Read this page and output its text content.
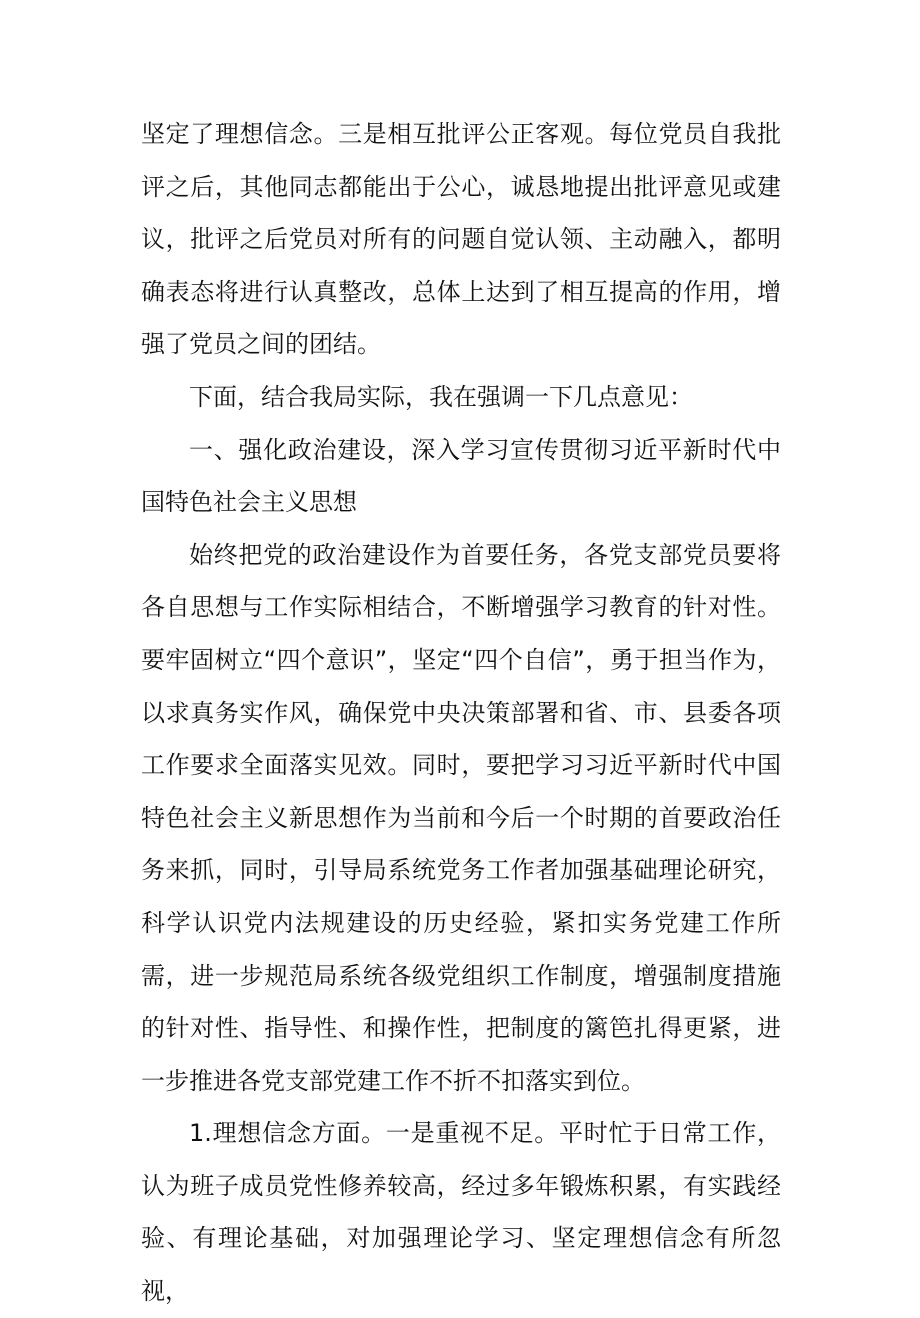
坚定了理想信念。三是相互批评公正客观。每位党员自我批评之后，其他同志都能出于公心，诚恳地提出批评意见或建议，批评之后党员对所有的问题自觉认领、主动融入，都明确表态将进行认真整改，总体上达到了相互提高的作用，增强了党员之间的团结。

下面，结合我局实际，我在强调一下几点意见：

一、强化政治建设，深入学习宣传贯彻习近平新时代中国特色社会主义思想

始终把党的政治建设作为首要任务，各党支部党员要将各自思想与工作实际相结合，不断增强学习教育的针对性。要牢固树立“四个意识”，坚定“四个自信”，勇于担当作为，以求真务实作风，确保党中央决策部署和省、市、县委各项工作要求全面落实见效。同时，要把学习习近平新时代中国特色社会主义新思想作为当前和今后一个时期的首要政治任务来抓，同时，引导局系统党务工作者加强基础理论研究，科学认识党内法规建设的历史经验，紧扣实务党建工作所需，进一步规范局系统各级党组织工作制度，增强制度措施的针对性、指导性、和操作性，把制度的篱笆扎得更紧，进一步推进各党支部党建工作不折不扣落实到位。

1.理想信念方面。一是重视不足。平时忙于日常工作，认为班子成员党性修养较高，经过多年锻炼积累，有实践经验、有理论基础，对加强理论学习、坚定理想信念有所忽视，
